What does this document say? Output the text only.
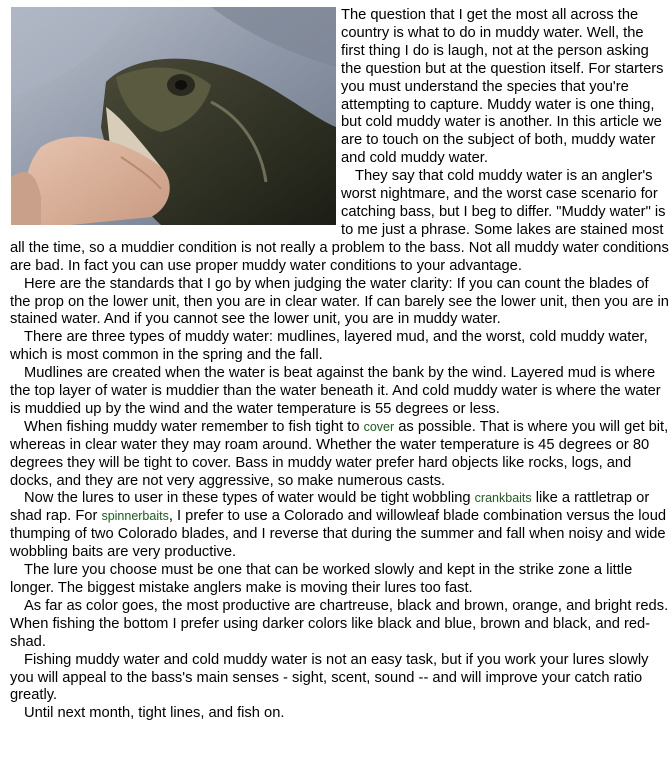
The question that I get the most all across the country is what to do in muddy water. Well, the first thing I do is laugh, not at the person asking the question but at the question itself. For starters you must understand the species that you're attempting to capture. Muddy water is one thing, but cold muddy water is another. In this article we are to touch on the subject of both, muddy water and cold muddy water.

They say that cold muddy water is an angler's worst nightmare, and the worst case scenario for catching bass, but I beg to differ. "Muddy water" is to me just a phrase. Some lakes are stained most all the time, so a muddier condition is not really a problem to the bass. Not all muddy water conditions are bad. In fact you can use proper muddy water conditions to your advantage.

Here are the standards that I go by when judging the water clarity: If you can count the blades of the prop on the lower unit, then you are in clear water. If can barely see the lower unit, then you are in stained water. And if you cannot see the lower unit, you are in muddy water.

There are three types of muddy water: mudlines, layered mud, and the worst, cold muddy water, which is most common in the spring and the fall.

Mudlines are created when the water is beat against the bank by the wind. Layered mud is where the top layer of water is muddier than the water beneath it. And cold muddy water is where the water is muddied up by the wind and the water temperature is 55 degrees or less.

When fishing muddy water remember to fish tight to cover as possible. That is where you will get bit, whereas in clear water they may roam around. Whether the water temperature is 45 degrees or 80 degrees they will be tight to cover. Bass in muddy water prefer hard objects like rocks, logs, and docks, and they are not very aggressive, so make numerous casts.

Now the lures to user in these types of water would be tight wobbling crankbaits like a rattletrap or shad rap. For spinnerbaits, I prefer to use a Colorado and willowleaf blade combination versus the loud thumping of two Colorado blades, and I reverse that during the summer and fall when noisy and wide wobbling baits are very productive.

The lure you choose must be one that can be worked slowly and kept in the strike zone a little longer. The biggest mistake anglers make is moving their lures too fast.

As far as color goes, the most productive are chartreuse, black and brown, orange, and bright reds. When fishing the bottom I prefer using darker colors like black and blue, brown and black, and red-shad.

Fishing muddy water and cold muddy water is not an easy task, but if you work your lures slowly you will appeal to the bass's main senses - sight, scent, sound -- and will improve your catch ratio greatly.

Until next month, tight lines, and fish on.
